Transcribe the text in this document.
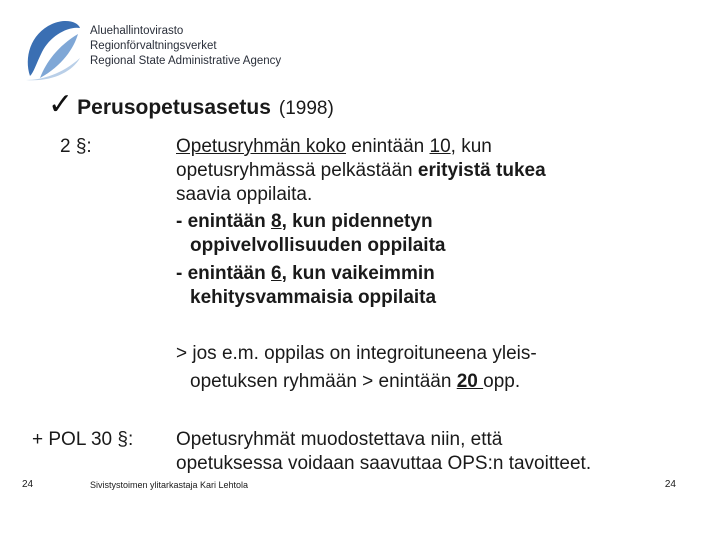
Aluehallintovirasto
Regionförvaltningsverket
Regional State Administrative Agency
✓ Perusopetusasetus (1998)
2 §:	Opetusryhmän koko enintään 10, kun
opetusryhmässä pelkästään erityistä tukea
saavia oppilaita.
- enintään 8, kun pidennetyn
oppivelvollisuuden oppilaita
- enintään 6, kun vaikeimmin
kehitysvammaisia oppilaita
> jos e.m. oppilas on integroituneena yleis-
opetuksen ryhmään > enintään 20 opp.
+ POL 30 §: Opetusryhmät muodostettava niin, että
opetuksessa voidaan saavuttaa OPS:n tavoitteet.
24	Sivistystoimen ylitarkastaja Kari Lehtola	24
